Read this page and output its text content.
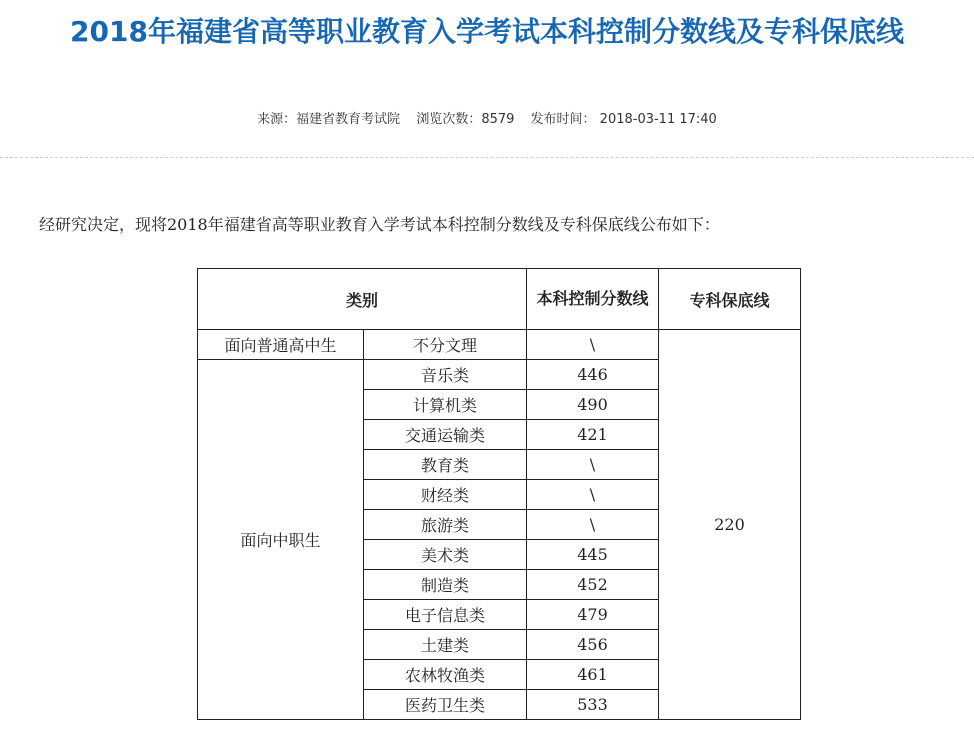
2018年福建省高等职业教育入学考试本科控制分数线及专科保底线
来源：福建省教育考试院 浏览次数：8579 发布时间： 2018-03-11 17:40
经研究决定，现将2018年福建省高等职业教育入学考试本科控制分数线及专科保底线公布如下：
类别		本科控制分数线	专科保底线
面向普通高中生	不分文理	\	220
面向中职生	音乐类	446	
	计算机类	490	
	交通运输类	421	
	教育类	\	
	财经类	\	
	旅游类	\	
	美术类	445	
	制造类	452	
	电子信息类	479	
	土建类	456	
	农林牧渔类	461	
	医药卫生类	533	
